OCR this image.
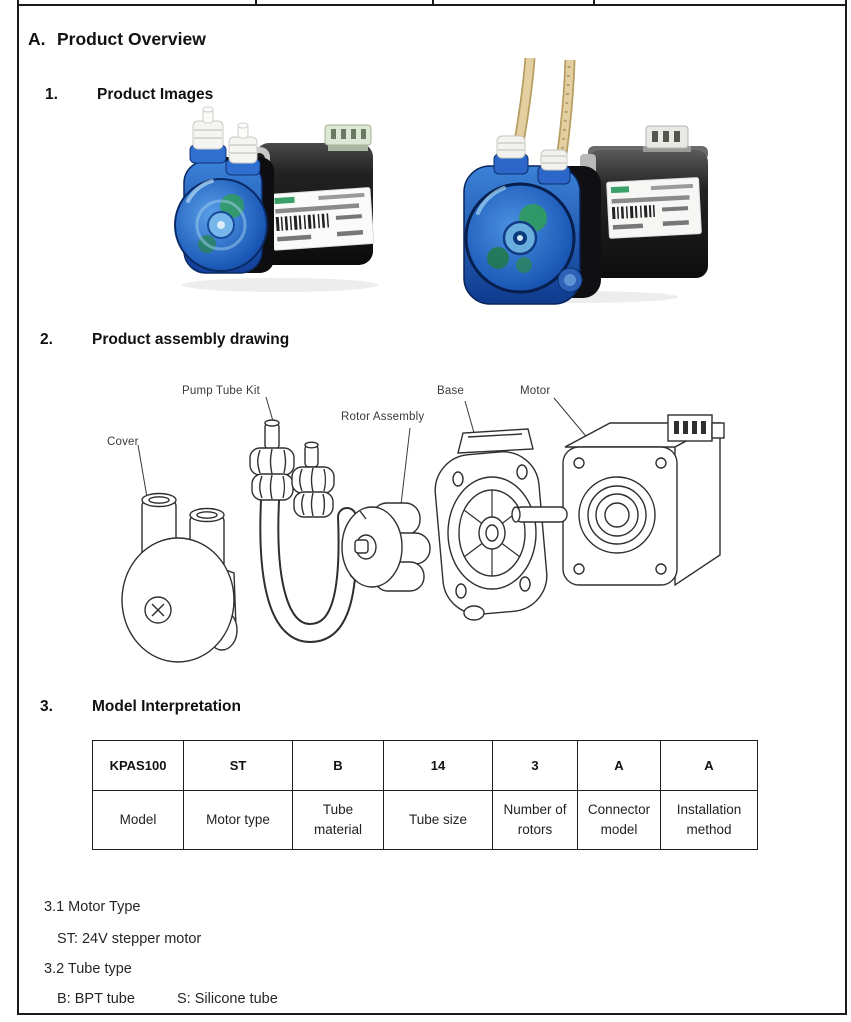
A. Product Overview
1.	Product Images
2.	Product assembly drawing
Cover
Pump Tube Kit
Rotor Assembly
Base	Motor
3.	Model Interpretation
KPAS100	ST	B	14	3	A	A
Model	Motor type	Tube material	Tube size	Number of rotors	Connector model	Installation method
3.1 Motor Type
ST: 24V stepper motor
3.2 Tube type
B: BPT tube	S: Silicone tube
